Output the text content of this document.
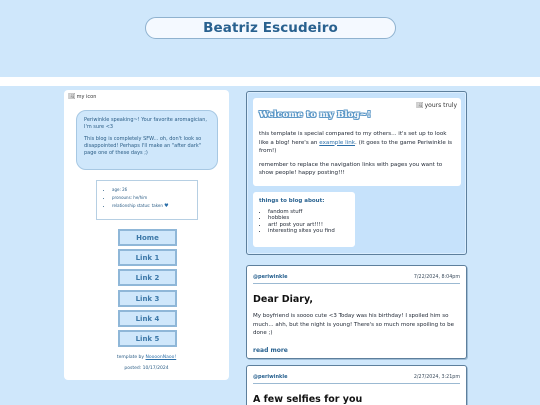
Beatriz Escudeiro
🖼︎ my icon

Periwinkle speaking~! Your favorite aromagician, I'm sure <3

This blog is completely SFW... oh, don't look so disappointed! Perhaps I'll make an "after dark" page one of these days ;)

• age: 26
• pronouns: he/him
• relationship status: taken ♥
Home
Link 1
Link 2
Link 3
Link 4
Link 5
template by NoooonNaoo!
posted: 10/17/2024
🖼︎ yours truly
Welcome to my Blog~!

this template is special compared to my others... it's set up to look like a blog! here's an example link. (it goes to the game Periwinkle is from!)

remember to replace the navigation links with pages you want to show people! happy posting!!!

things to blog about:
• fandom stuff
• hobbies
• art! post your art!!!!
• interesting sites you find
@periwinkle	7/22/2024, 8:04pm
Dear Diary,
My boyfriend is soooo cute <3 Today was his birthday! I spoiled him so much... ahh, but the night is young! There's so much more spoiling to be done ;)
read more
@periwinkle	2/27/2024, 3:21pm
A few selfies for you
